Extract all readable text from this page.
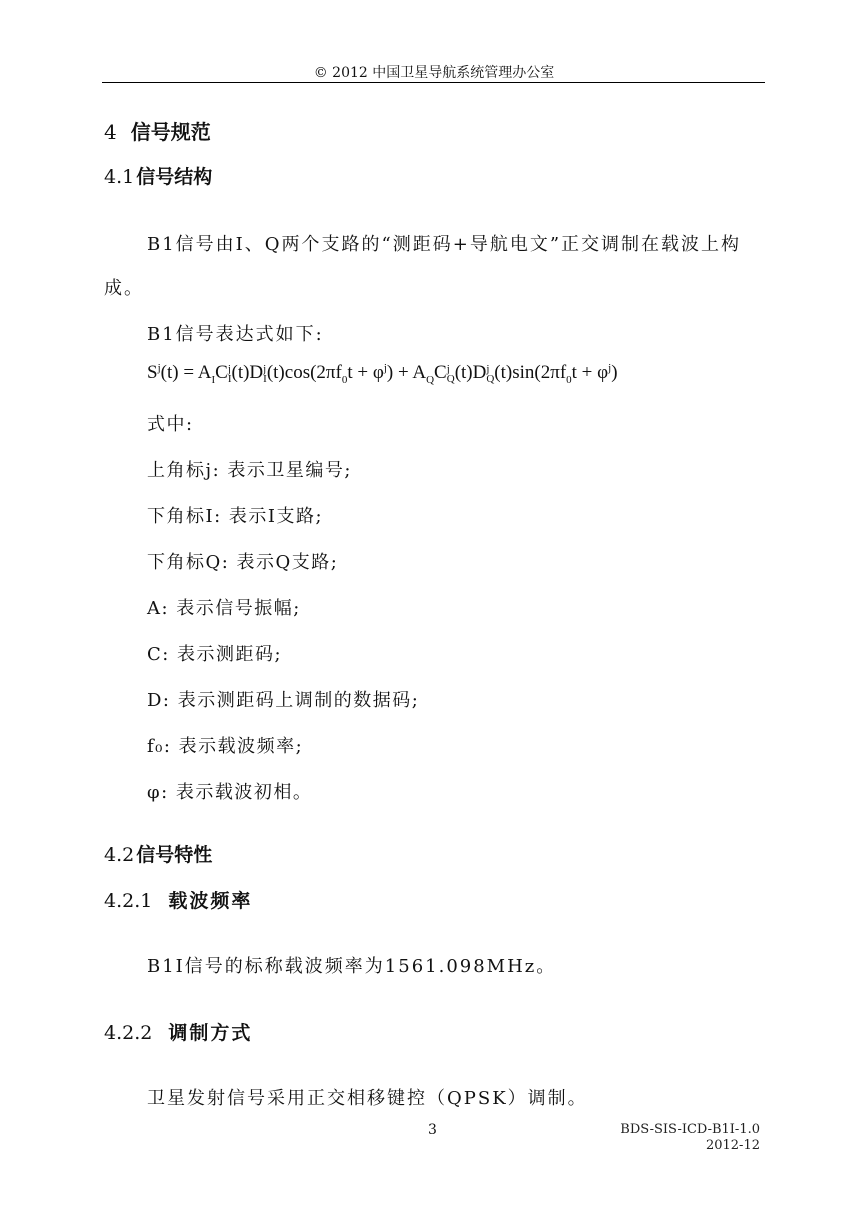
© 2012 中国卫星导航系统管理办公室
4 信号规范
4.1 信号结构
B1信号由I、Q两个支路的“测距码+导航电文”正交调制在载波上构
成。
B1信号表达式如下:
$S^j(t) = A_IC$ j
I (t)D j
I $(t)\cos(2\pi f_0t + \varphi^j) + A_QC$ j
Q (t)D j
Q $(t)\sin(2\pi f_0t + \varphi^j)$
式中:
上角标j: 表示卫星编号;
下角标I: 表示I支路;
下角标Q: 表示Q支路;
A: 表示信号振幅;
C: 表示测距码;
D: 表示测距码上调制的数据码;
f₀: 表示载波频率;
φ: 表示载波初相。
4.2 信号特性
4.2.1 载波频率
B1I信号的标称载波频率为1561.098MHz。
4.2.2 调制方式
卫星发射信号采用正交相移键控（QPSK）调制。
3	BDS-SIS-ICD-B1I-1.0
2012-12
